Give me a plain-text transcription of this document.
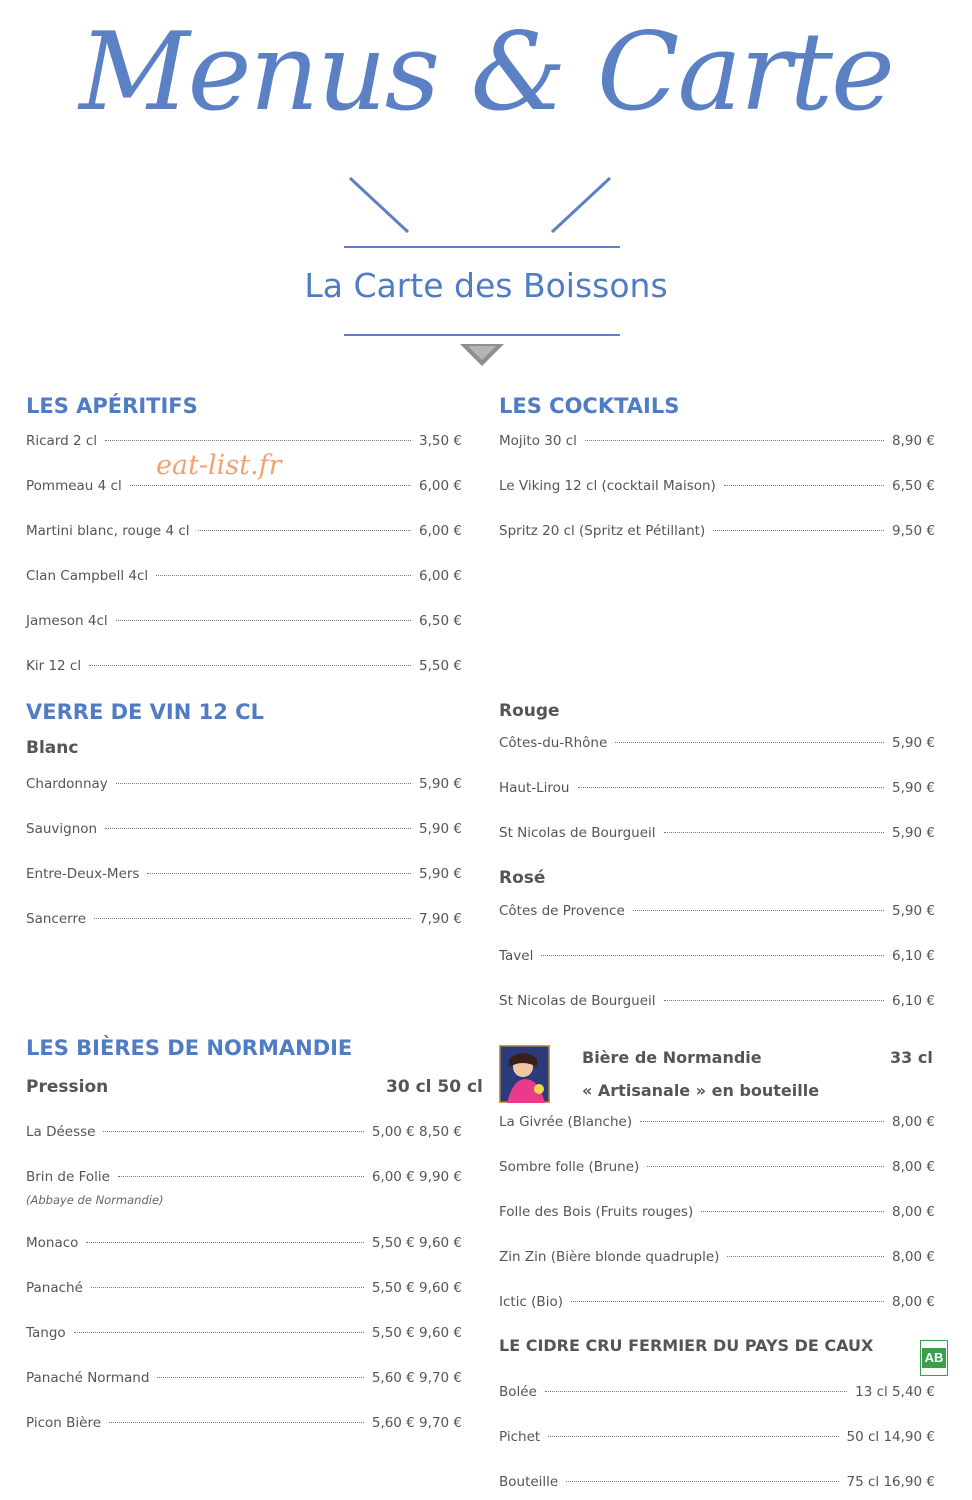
Menus & Carte
La Carte des Boissons
eat-list.fr
LES APÉRITIFS
Ricard 2 cl	3,50 €
Pommeau 4 cl	6,00 €
Martini blanc, rouge 4 cl	6,00 €
Clan Campbell 4cl	6,00 €
Jameson 4cl	6,50 €
Kir 12 cl	5,50 €
LES COCKTAILS
Mojito 30 cl	8,90 €
Le Viking 12 cl (cocktail Maison)	6,50 €
Spritz 20 cl (Spritz et Pétillant)	9,50 €
VERRE DE VIN 12 CL
Blanc
Chardonnay	5,90 €
Sauvignon	5,90 €
Entre-Deux-Mers	5,90 €
Sancerre	7,90 €
Rouge
Côtes-du-Rhône	5,90 €
Haut-Lirou	5,90 €
St Nicolas de Bourgueil	5,90 €
Rosé
Côtes de Provence	5,90 €
Tavel	6,10 €
St Nicolas de Bourgueil	6,10 €
LES BIÈRES DE NORMANDIE
Pression	30 cl 50 cl
La Déesse	5,00 € 8,50 €
Brin de Folie	6,00 € 9,90 €
(Abbaye de Normandie)
Monaco	5,50 € 9,60 €
Panaché	5,50 € 9,60 €
Tango	5,50 € 9,60 €
Panaché Normand	5,60 € 9,70 €
Picon Bière	5,60 € 9,70 €
Bière de Normandie	33 cl
« Artisanale » en bouteille
La Givrée (Blanche)	8,00 €
Sombre folle (Brune)	8,00 €
Folle des Bois (Fruits rouges)	8,00 €
Zin Zin (Bière blonde quadruple)	8,00 €
Ictic (Bio)	8,00 €
LE CIDRE CRU FERMIER DU PAYS DE CAUX
AB
Bolée	13 cl 5,40 €
Pichet	50 cl 14,90 €
Bouteille	75 cl 16,90 €
